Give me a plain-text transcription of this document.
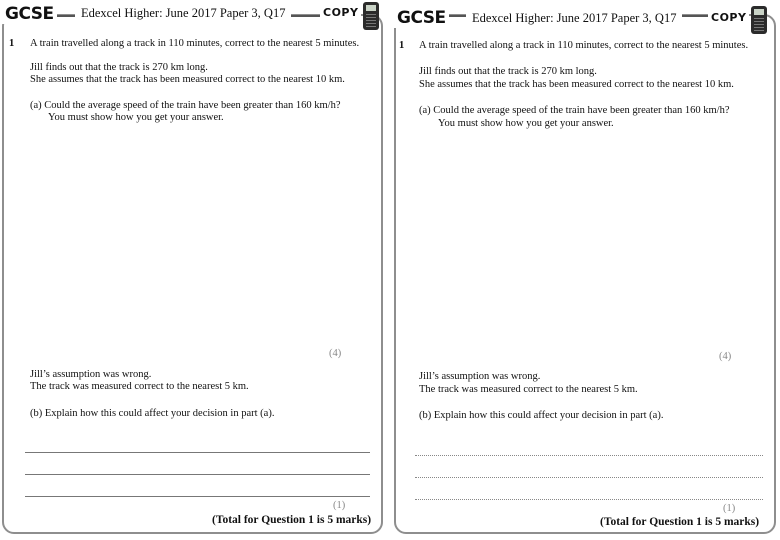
GCSE	Edexcel Higher: June 2017 Paper 3, Q17	COPY
1 A train travelled along a track in 110 minutes, correct to the nearest 5 minutes.
Jill finds out that the track is 270 km long.
She assumes that the track has been measured correct to the nearest 10 km.
(a) Could the average speed of the train have been greater than 160 km/h?
You must show how you get your answer.
(4)
Jill’s assumption was wrong.
The track was measured correct to the nearest 5 km.
(b) Explain how this could affect your decision in part (a).
(1)
(Total for Question 1 is 5 marks)
GCSE	Edexcel Higher: June 2017 Paper 3, Q17	COPY
1 A train travelled along a track in 110 minutes, correct to the nearest 5 minutes.
Jill finds out that the track is 270 km long.
She assumes that the track has been measured correct to the nearest 10 km.
(a) Could the average speed of the train have been greater than 160 km/h?
You must show how you get your answer.
(4)
Jill’s assumption was wrong.
The track was measured correct to the nearest 5 km.
(b) Explain how this could affect your decision in part (a).
(1)
(Total for Question 1 is 5 marks)
